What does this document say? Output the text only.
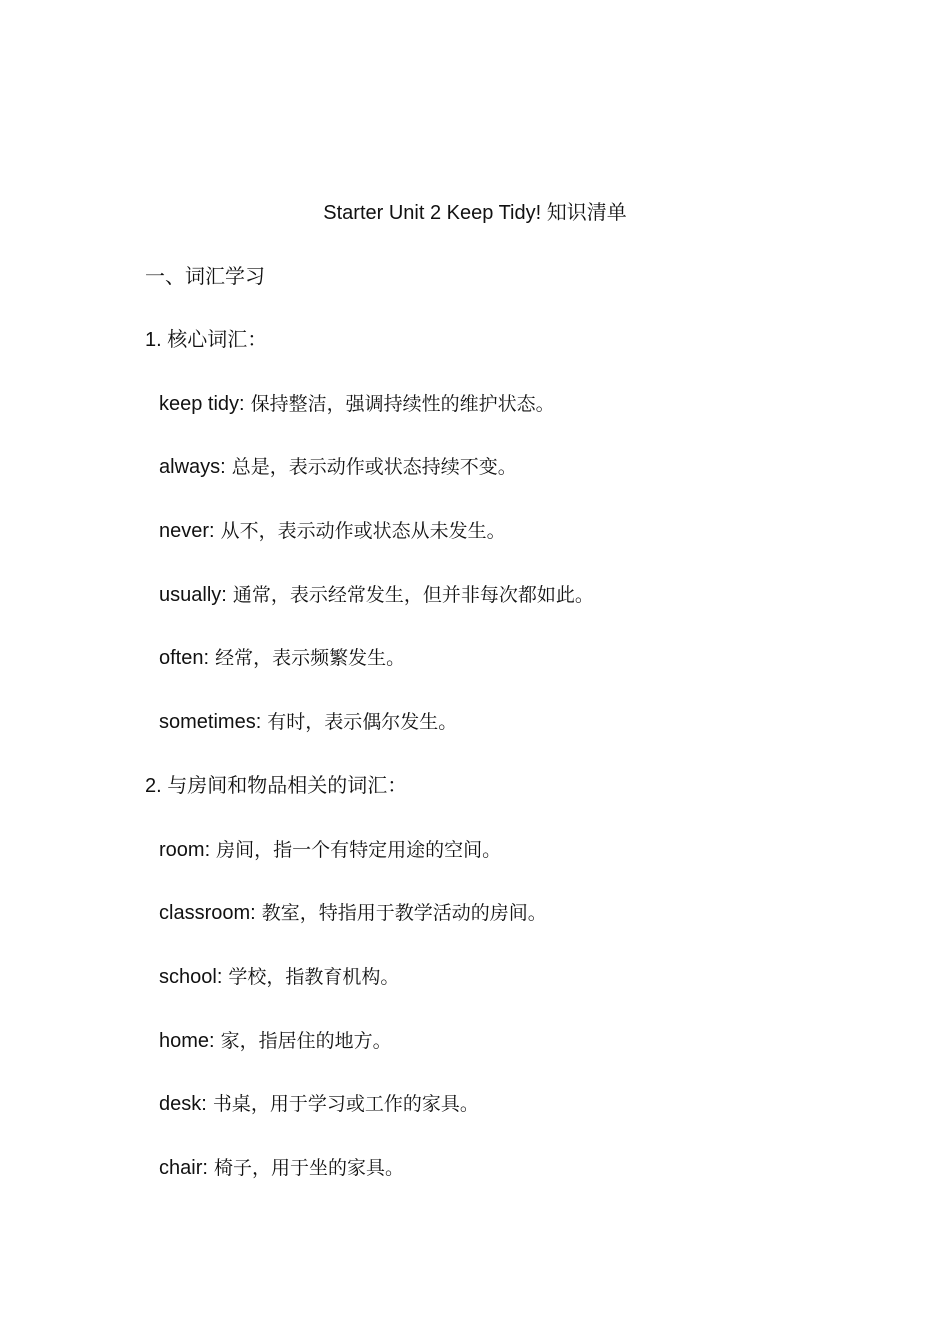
Starter Unit 2 Keep Tidy! 知识清单
一、词汇学习
1. 核心词汇：
keep tidy: 保持整洁，强调持续性的维护状态。
always: 总是，表示动作或状态持续不变。
never: 从不，表示动作或状态从未发生。
usually: 通常，表示经常发生，但并非每次都如此。
often: 经常，表示频繁发生。
sometimes: 有时，表示偶尔发生。
2. 与房间和物品相关的词汇：
room: 房间，指一个有特定用途的空间。
classroom: 教室，特指用于教学活动的房间。
school: 学校，指教育机构。
home: 家，指居住的地方。
desk: 书桌，用于学习或工作的家具。
chair: 椅子，用于坐的家具。
